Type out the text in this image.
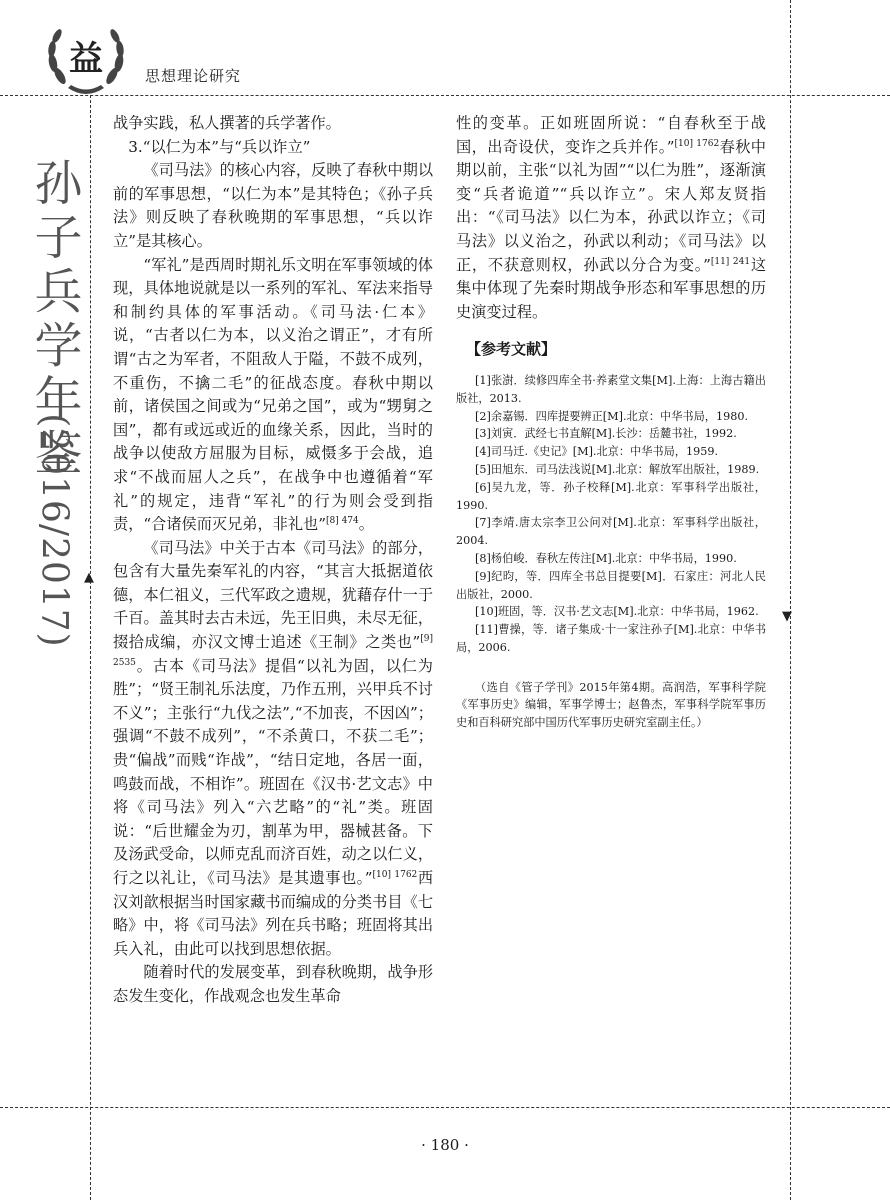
益	思想理论研究
孙子兵学年鉴
(2016/2017) ▲
▼

战争实践，私人撰著的兵学著作。

3.“以仁为本”与“兵以诈立”

《司马法》的核心内容，反映了春秋中期以前的军事思想，“以仁为本”是其特色；《孙子兵法》则反映了春秋晚期的军事思想，“兵以诈立”是其核心。

“军礼”是西周时期礼乐文明在军事领域的体现，具体地说就是以一系列的军礼、军法来指导和制约具体的军事活动。《司马法·仁本》说，“古者以仁为本，以义治之谓正”，才有所谓“古之为军者，不阻敌人于隘，不鼓不成列，不重伤，不擒二毛”的征战态度。春秋中期以前，诸侯国之间或为“兄弟之国”，或为“甥舅之国”，都有或远或近的血缘关系，因此，当时的战争以使敌方屈服为目标，威慑多于会战，追求“不战而屈人之兵”，在战争中也遵循着“军礼”的规定，违背“军礼”的行为则会受到指责，“合诸侯而灭兄弟，非礼也”$^{[8] 474}$。

《司马法》中关于古本《司马法》的部分，包含有大量先秦军礼的内容，“其言大抵据道依德，本仁祖义，三代军政之遗规，犹藉存什一于千百。盖其时去古未远，先王旧典，未尽无征，掇拾成编，亦汉文博士追述《王制》之类也”$^{[9] 2535}$。古本《司马法》提倡“以礼为固，以仁为胜”；“贤王制礼乐法度，乃作五刑，兴甲兵不讨不义”；主张行“九伐之法”,“不加丧，不因凶”；强调“不鼓不成列”，“不杀黄口，不获二毛”；贵“偏战”而贱“诈战”，“结日定地，各居一面，鸣鼓而战，不相诈”。班固在《汉书·艺文志》中将《司马法》列入“六艺略”的“礼”类。班固说：“后世耀金为刃，割革为甲，器械甚备。下及汤武受命，以师克乱而济百姓，动之以仁义，行之以礼让，《司马法》是其遗事也。”$^{[10] 1762}$西汉刘歆根据当时国家藏书而编成的分类书目《七略》中，将《司马法》列在兵书略；班固将其出兵入礼，由此可以找到思想依据。

随着时代的发展变革，到春秋晚期，战争形态发生变化，作战观念也发生革命

性的变革。正如班固所说：“自春秋至于战国，出奇设伏，变诈之兵并作。”$^{[10] 1762}$春秋中期以前，主张“以礼为固”“以仁为胜”，逐渐演变“兵者诡道”“兵以诈立”。宋人郑友贤指出：“《司马法》以仁为本，孙武以诈立；《司马法》以义治之，孙武以利动；《司马法》以正，不获意则权，孙武以分合为变。”$^{[11] 241}$这集中体现了先秦时期战争形态和军事思想的历史演变过程。

【参考文献】

[1]张澍．续修四库全书·养素堂文集[M].上海：上海古籍出版社，2013.

[2]余嘉锡．四库提要辨正[M].北京：中华书局，1980.

[3]刘寅．武经七书直解[M].长沙：岳麓书社，1992.

[4]司马迁.《史记》[M].北京：中华书局，1959.

[5]田旭东．司马法浅说[M].北京：解放军出版社，1989.

[6]吴九龙，等．孙子校释[M].北京：军事科学出版社，1990.

[7]李靖.唐太宗李卫公问对[M].北京：军事科学出版社，2004.

[8]杨伯峻．春秋左传注[M].北京：中华书局，1990.

[9]纪昀，等．四库全书总目提要[M]．石家庄：河北人民出版社，2000.

[10]班固，等．汉书·艺文志[M].北京：中华书局，1962.

[11]曹操，等．诸子集成·十一家注孙子[M].北京：中华书局，2006.

（选自《管子学刊》2015年第4期。高润浩，军事科学院《军事历史》编辑，军事学博士；赵鲁杰，军事科学院军事历史和百科研究部中国历代军事历史研究室副主任。）
· 180 ·
